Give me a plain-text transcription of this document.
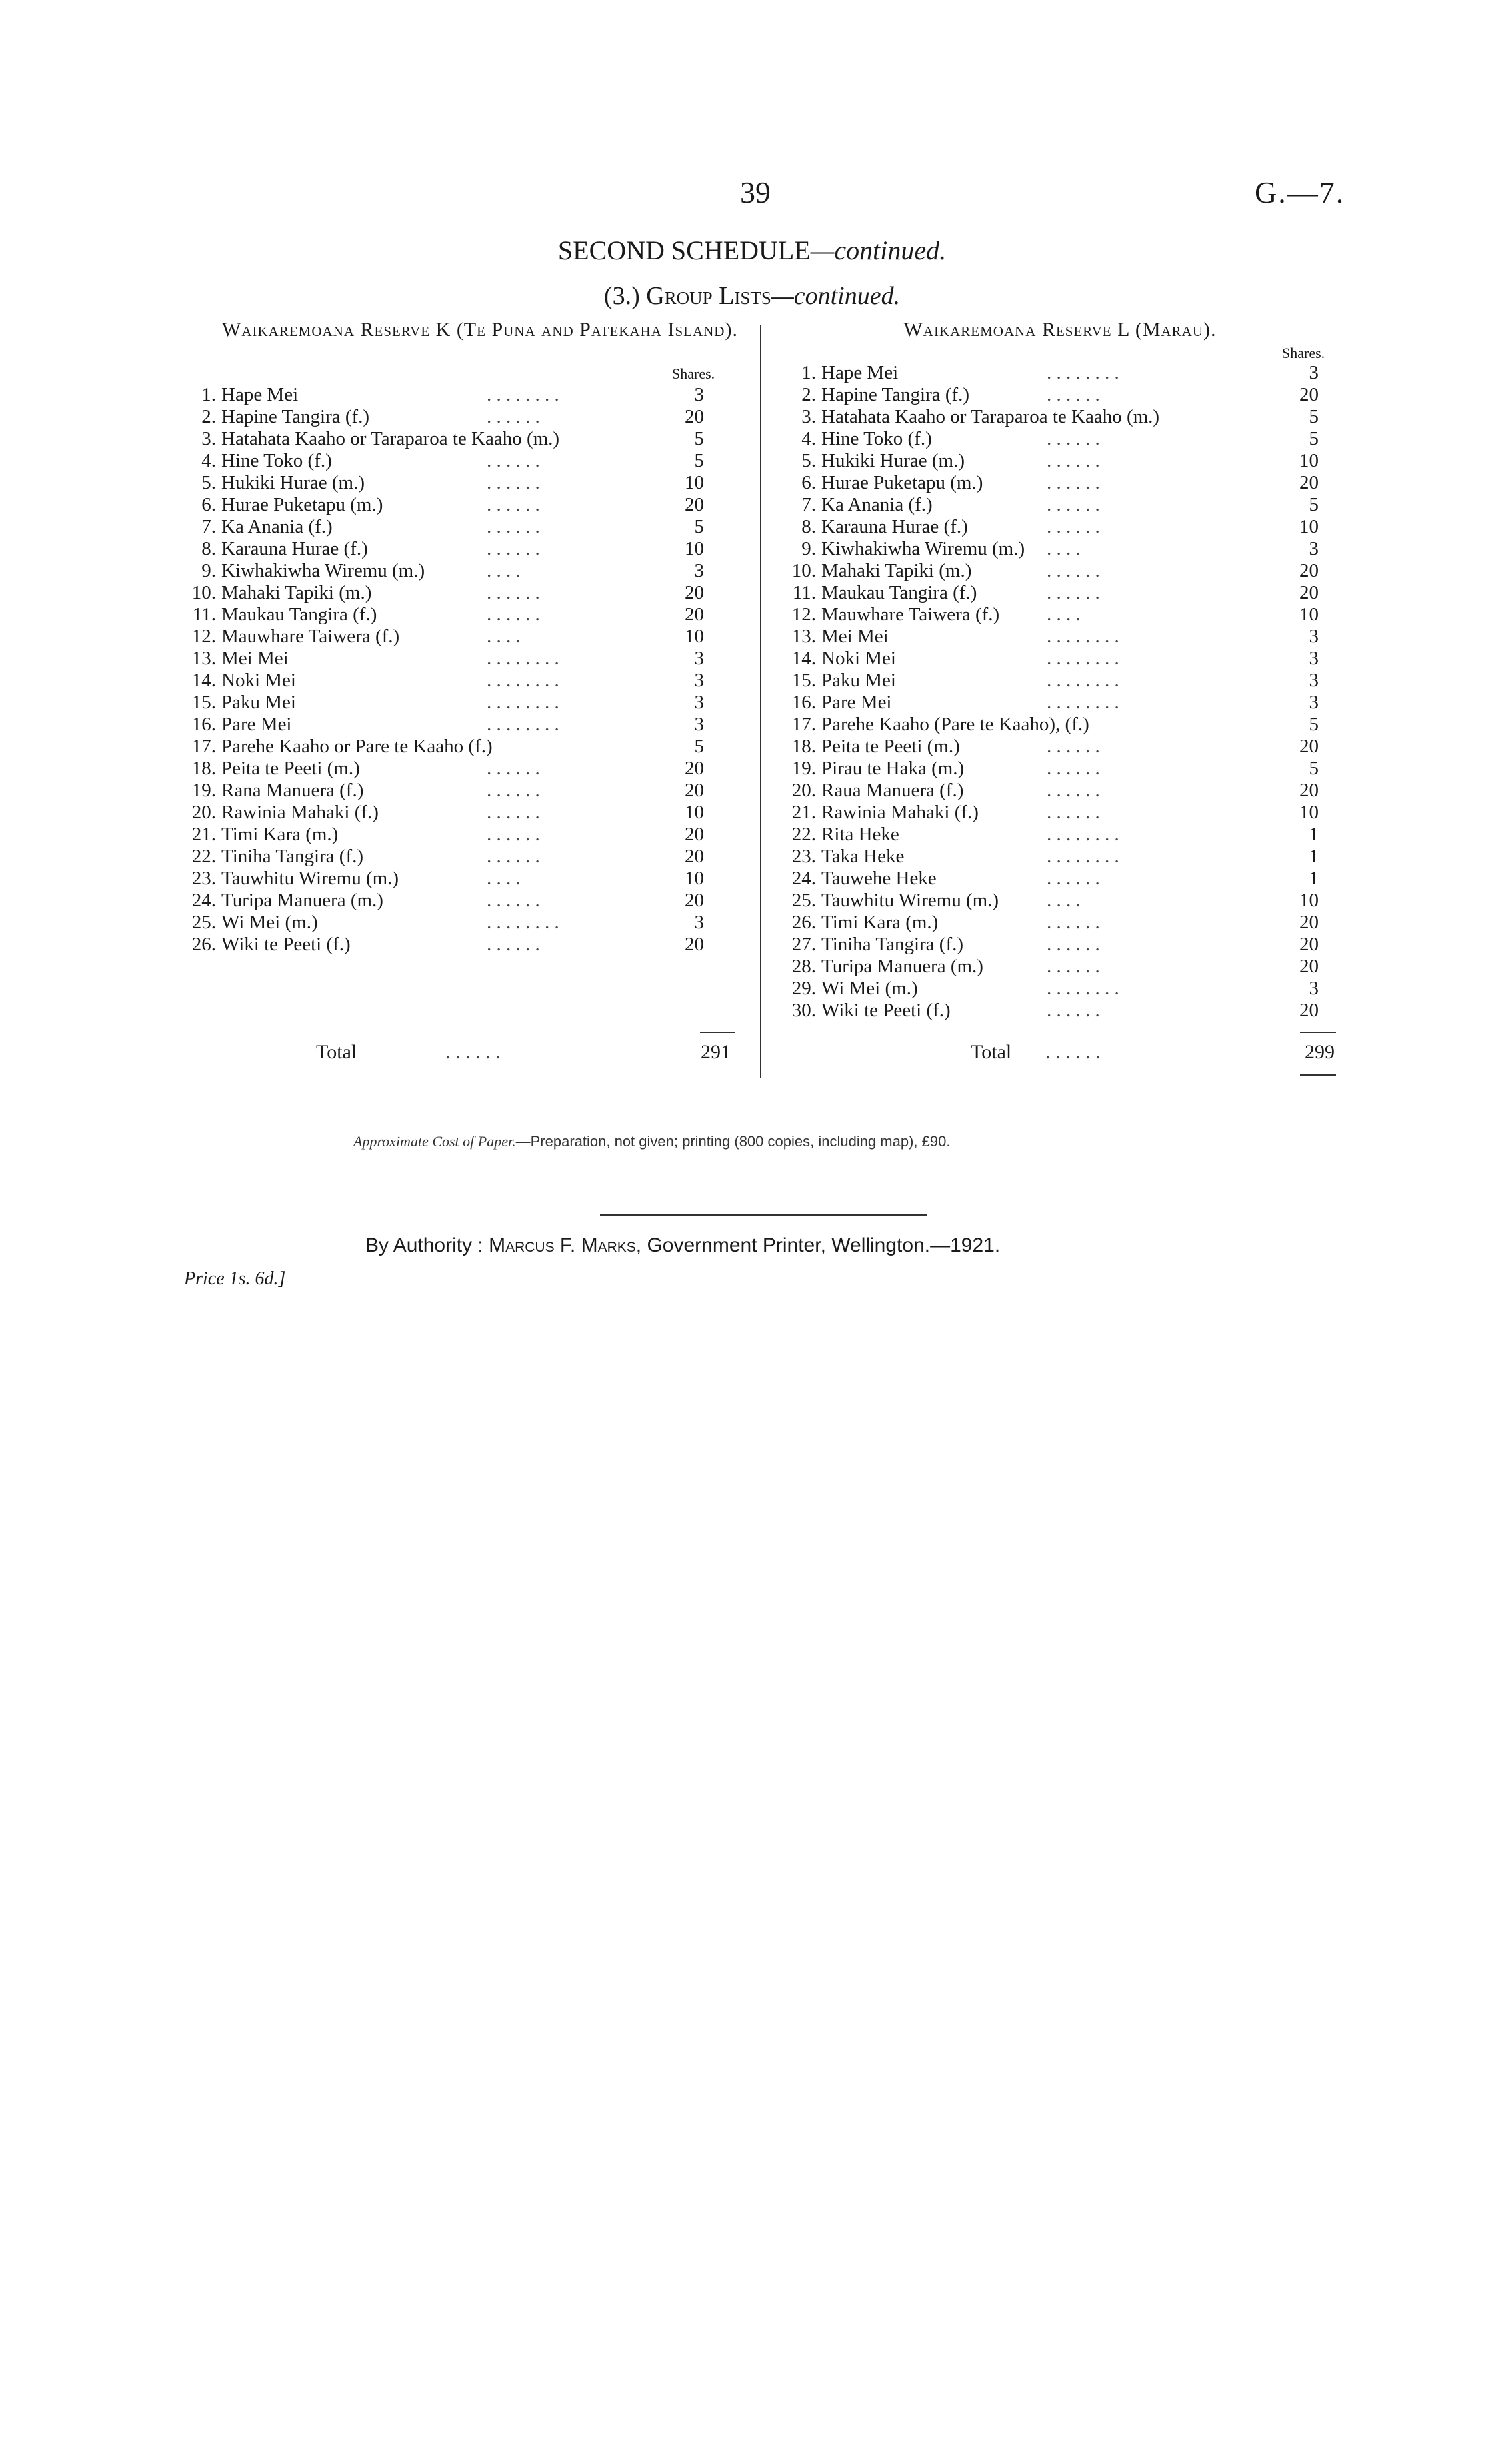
39	G.—7.
SECOND SCHEDULE—continued.
(3.) Group Lists—continued.
Waikaremoana Reserve K (Te Puna and Patekaha Island).	Waikaremoana Reserve L (Marau).
Shares.
Shares.
1. Hape Mei	. . . . . . . .	3
2. Hapine Tangira (f.)	. . . . . .	20
3. Hatahata Kaaho or Taraparoa te Kaaho (m.)	5
4. Hine Toko (f.)	. . . . . .	5
5. Hukiki Hurae (m.)	. . . . . .	10
6. Hurae Puketapu (m.)	. . . . . .	20
7. Ka Anania (f.)	. . . . . .	5
8. Karauna Hurae (f.)	. . . . . .	10
9. Kiwhakiwha Wiremu (m.)	. . . .	3
10. Mahaki Tapiki (m.)	. . . . . .	20
11. Maukau Tangira (f.)	. . . . . .	20
12. Mauwhare Taiwera (f.)	. . . .	10
13. Mei Mei	. . . . . . . .	3
14. Noki Mei	. . . . . . . .	3
15. Paku Mei	. . . . . . . .	3
16. Pare Mei	. . . . . . . .	3
17. Parehe Kaaho or Pare te Kaaho (f.)	5
18. Peita te Peeti (m.)	. . . . . .	20
19. Rana Manuera (f.)	. . . . . .	20
20. Rawinia Mahaki (f.)	. . . . . .	10
21. Timi Kara (m.)	. . . . . .	20
22. Tiniha Tangira (f.)	. . . . . .	20
23. Tauwhitu Wiremu (m.)	. . . .	10
24. Turipa Manuera (m.)	. . . . . .	20
25. Wi Mei (m.)	. . . . . . . .	3
26. Wiki te Peeti (f.)	. . . . . .	20
1. Hape Mei	. . . . . . . .	3
2. Hapine Tangira (f.)	. . . . . .	20
3. Hatahata Kaaho or Taraparoa te Kaaho (m.)	5
4. Hine Toko (f.)	. . . . . .	5
5. Hukiki Hurae (m.)	. . . . . .	10
6. Hurae Puketapu (m.)	. . . . . .	20
7. Ka Anania (f.)	. . . . . .	5
8. Karauna Hurae (f.)	. . . . . .	10
9. Kiwhakiwha Wiremu (m.) . . . .	3
10. Mahaki Tapiki (m.)	. . . . . .	20
11. Maukau Tangira (f.)	. . . . . .	20
12. Mauwhare Taiwera (f.) . . . .	10
13. Mei Mei	. . . . . . . .	3
14. Noki Mei	. . . . . . . .	3
15. Paku Mei	. . . . . . . .	3
16. Pare Mei	. . . . . . . .	3
17. Parehe Kaaho (Pare te Kaaho), (f.)	5
18. Peita te Peeti (m.)	. . . . . .	20
19. Pirau te Haka (m.)	. . . . . .	5
20. Raua Manuera (f.)	. . . . . .	20
21. Rawinia Mahaki (f.)	. . . . . .	10
22. Rita Heke	. . . . . . . .	1
23. Taka Heke	. . . . . . . .	1
24. Tauwehe Heke	. . . . . .	1
25. Tauwhitu Wiremu (m.) . . . .	10
26. Timi Kara (m.)	. . . . . .	20
27. Tiniha Tangira (f.)	. . . . . .	20
28. Turipa Manuera (m.)	. . . . . .	20
29. Wi Mei (m.)	. . . . . . . .	3
30. Wiki te Peeti (f.)	. . . . . .	20
Total	. . . . . .	291	Total . . . . . .	299
Approximate Cost of Paper.—Preparation, not given; printing (800 copies, including map), £90.
By Authority : Marcus F. Marks, Government Printer, Wellington.—1921.
Price 1s. 6d.]
